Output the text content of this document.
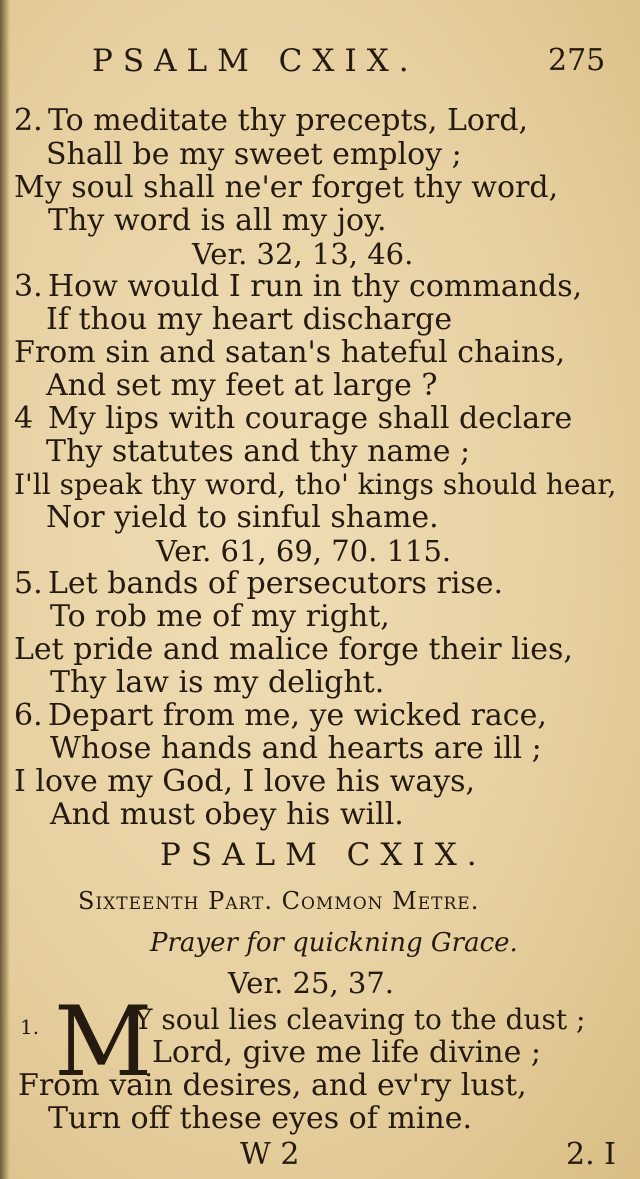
PSALM CXIX.	275
2. To meditate thy precepts, Lord,
Shall be my sweet employ ;
My soul shall ne'er forget thy word,
Thy word is all my joy.
Ver. 32, 13, 46.
3. How would I run in thy commands,
If thou my heart discharge
From sin and satan's hateful chains,
And set my feet at large ?
4 My lips with courage shall declare
Thy statutes and thy name ;
I'll speak thy word, tho' kings should hear,
Nor yield to sinful shame.
Ver. 61, 69, 70. 115.
5. Let bands of persecutors rise.
To rob me of my right,
Let pride and malice forge their lies,
Thy law is my delight.
6. Depart from me, ye wicked race,
Whose hands and hearts are ill ;
I love my God, I love his ways,
And must obey his will.
PSALM CXIX.
Sixteenth Part. Common Metre.
Prayer for quickning Grace.
Ver. 25, 37.
1. M
Y soul lies cleaving to the dust ;
Lord, give me life divine ;
From vain desires, and ev'ry lust,
Turn off these eyes of mine.
W 2	2. I
